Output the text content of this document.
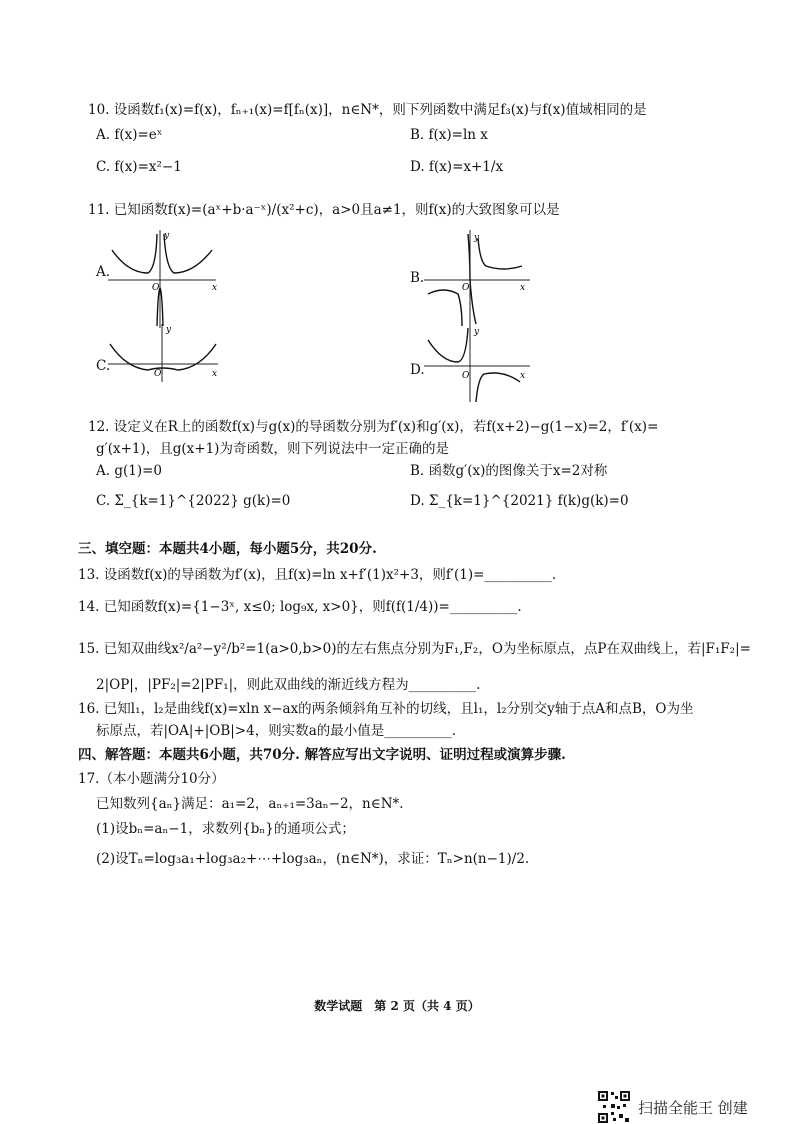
10. 设函数f₁(x)=f(x)，fₙ₊₁(x)=f[fₙ(x)]，n∈N*，则下列函数中满足f₃(x)与f(x)值域相同的是
A. f(x)=eˣ	B. f(x)=ln x
C. f(x)=x²−1	D. f(x)=x+1/x
11. 已知函数f(x)=(aˣ+b·a⁻ˣ)/(x²+c)，a>0且a≠1，则f(x)的大致图象可以是
A.
y
x
O
B.
y
x
O
C.
y
x
O	D.
y
x
O
12. 设定义在R上的函数f(x)与g(x)的导函数分别为f′(x)和g′(x)，若f(x+2)−g(1−x)=2，f′(x)=
g′(x+1)，且g(x+1)为奇函数，则下列说法中一定正确的是
A. g(1)=0	B. 函数g′(x)的图像关于x=2对称
C. Σ_{k=1}^{2022} g(k)=0	D. Σ_{k=1}^{2021} f(k)g(k)=0
三、填空题：本题共4小题，每小题5分，共20分.
13. 设函数f(x)的导函数为f′(x)，且f(x)=ln x+f′(1)x²+3，则f′(1)=__________.
14. 已知函数f(x)={1−3ˣ, x≤0; log₉x, x>0}，则f(f(1/4))=__________.
15. 已知双曲线x²/a²−y²/b²=1(a>0,b>0)的左右焦点分别为F₁,F₂，O为坐标原点，点P在双曲线上，若|F₁F₂|=
2|OP|，|PF₂|=2|PF₁|，则此双曲线的渐近线方程为__________.
16. 已知l₁，l₂是曲线f(x)=xln x−ax的两条倾斜角互补的切线，且l₁，l₂分别交y轴于点A和点B，O为坐
标原点，若|OA|+|OB|>4，则实数a的最小值是__________.
四、解答题：本题共6小题，共70分. 解答应写出文字说明、证明过程或演算步骤.
17.（本小题满分10分）
已知数列{aₙ}满足：a₁=2，aₙ₊₁=3aₙ−2，n∈N*.
(1)设bₙ=aₙ−1，求数列{bₙ}的通项公式；
(2)设Tₙ=log₃a₁+log₃a₂+⋯+log₃aₙ，(n∈N*)，求证：Tₙ>n(n−1)/2.
数学试题　第 2 页（共 4 页）
扫描全能王 创建
